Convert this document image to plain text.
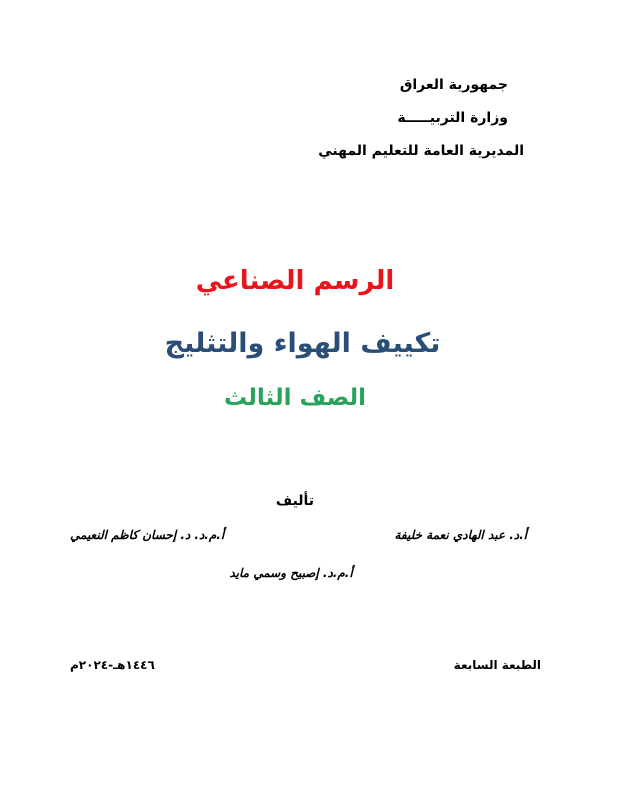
جمهورية العراق
وزارة التربيـــــة
المديرية العامة للتعليم المهني
الرسم الصناعي
تكييف الهواء والتثليج
الصف الثالث
تأليف
أ.د. عبد الهادي نعمة خليفة
أ.م.د. د. إحسان كاظم النعيمي
أ.م.د. إصبيح وسمي مايد
الطبعة السابعة
١٤٤٦هـ-٢٠٢٤م
